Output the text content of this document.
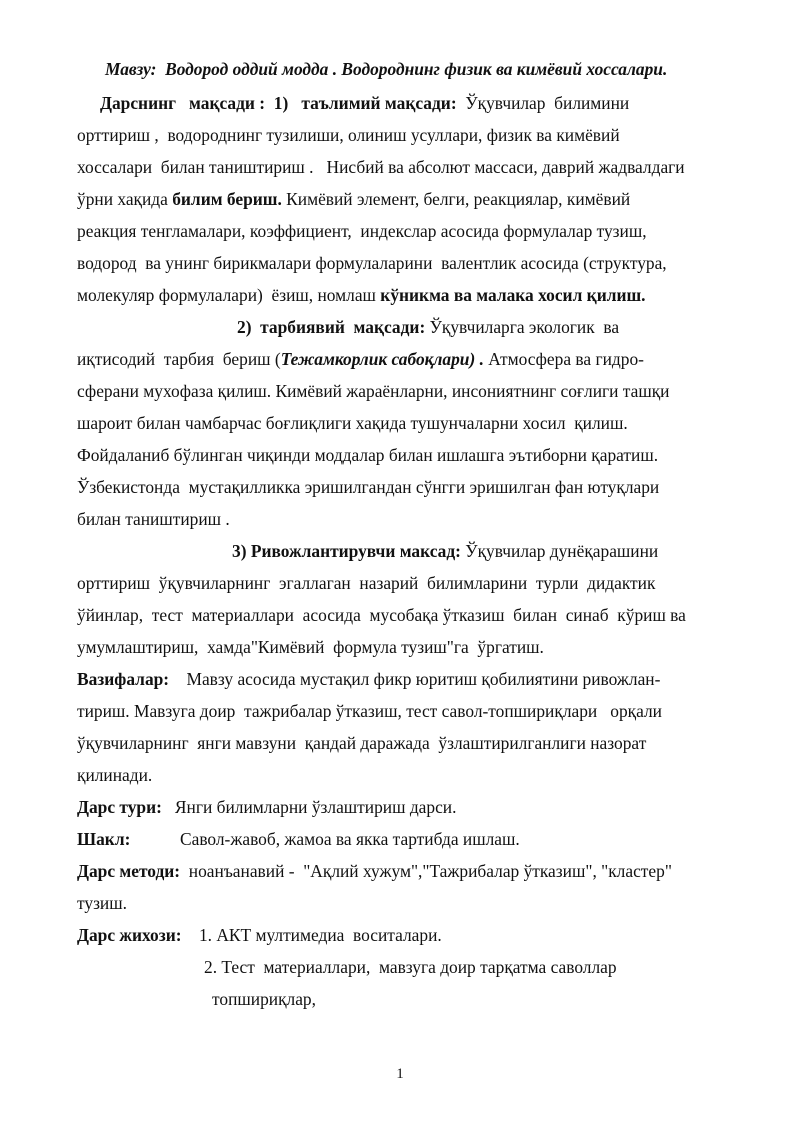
Мавзу:  Водород оддий модда . Водороднинг физик ва кимёвий хоссалари.
Дарснинг   мақсади : 1) таълимий мақсади: Ўқувчилар  билимини
орттириш ,  водороднинг тузилиши, олиниш усуллари, физик ва кимёвий
хоссалари  билан таништириш .   Нисбий ва абсолют массаси, даврий жадвалдаги
ўрни хақида билим бериш. Кимёвий элемент, белги, реакциялар, кимёвий
реакция тенгламалари, коэффициент,  индекслар асосида формулалар тузиш,
водород  ва унинг бирикмалари формулаларини  валентлик асосида (структура,
молекуляр формулалари)  ёзиш, номлаш кўникма ва малака хосил қилиш.
2)  тарбиявий  мақсади: Ўқувчиларга экологик  ва
иқтисодий  тарбия  бериш (Тежамкорлик сабоқлари) . Атмосфера ва гидро-
сферани мухофаза қилиш. Кимёвий жараёнларни, инсониятнинг соғлиги ташқи
шароит билан чамбарчас боғлиқлиги хақида тушунчаларни хосил  қилиш.
Фойдаланиб бўлинган чиқинди моддалар билан ишлашга эътиборни қаратиш.
Ўзбекистонда  мустақилликка эришилгандан сўнгги эришилган фан ютуқлари
билан таништириш .
3) Ривожлантирувчи максад: Ўқувчилар дунёқарашини
орттириш  ўқувчиларнинг  эгаллаган  назарий  билимларини  турли  дидактик
ўйинлар,  тест  материаллари  асосида  мусобақа ўтказиш  билан  синаб  кўриш ва
умумлаштириш,  хамда"Кимёвий  формула тузиш"га  ўргатиш.
Вазифалар:    Мавзу асосида мустақил фикр юритиш қобилиятини ривожлан-
тириш. Мавзуга доир  тажрибалар ўтказиш, тест савол-топшириқлари   орқали
ўқувчиларнинг  янги мавзуни  қандай даражада  ўзлаштирилганлиги назорат
қилинади.
Дарс тури:   Янги билимларни ўзлаштириш дарси.
Шакл:	Савол-жавоб, жамоа ва якка тартибда ишлаш.
Дарс методи:  ноанъанавий -  "Ақлий хужум","Тажрибалар ўтказиш", "кластер"
тузиш.
Дарс жихози:    1. АКТ мултимедиа  воситалари.
2. Тест  материаллари,  мавзуга доир тарқатма саволлар
топшириқлар,
1
